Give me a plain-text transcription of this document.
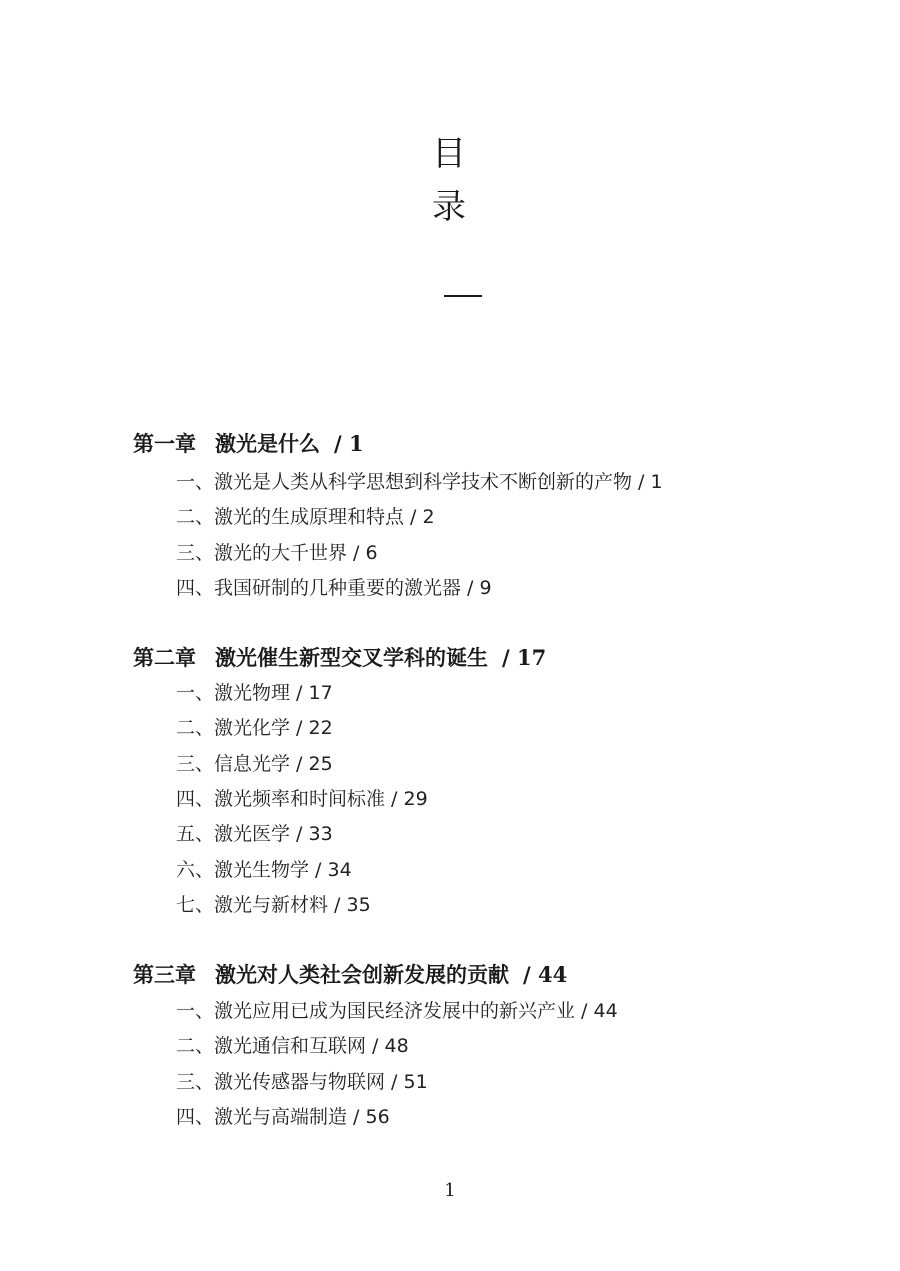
目
录
第一章 激光是什么 / 1
一、激光是人类从科学思想到科学技术不断创新的产物 / 1
二、激光的生成原理和特点 / 2
三、激光的大千世界 / 6
四、我国研制的几种重要的激光器 / 9
第二章 激光催生新型交叉学科的诞生 / 17
一、激光物理 / 17
二、激光化学 / 22
三、信息光学 / 25
四、激光频率和时间标准 / 29
五、激光医学 / 33
六、激光生物学 / 34
七、激光与新材料 / 35
第三章 激光对人类社会创新发展的贡献 / 44
一、激光应用已成为国民经济发展中的新兴产业 / 44
二、激光通信和互联网 / 48
三、激光传感器与物联网 / 51
四、激光与高端制造 / 56
1
